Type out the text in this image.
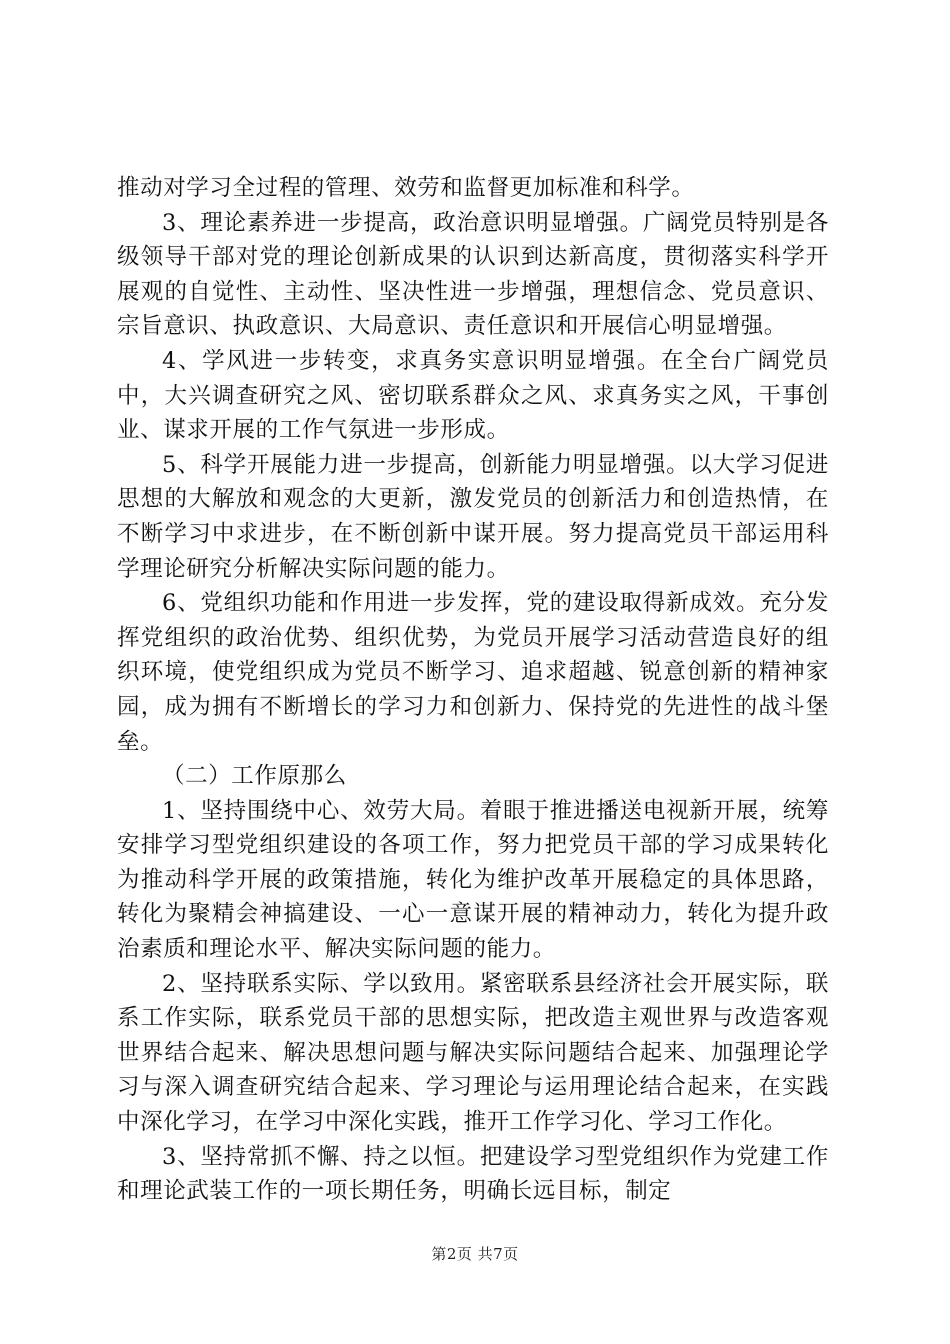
推动对学习全过程的管理、效劳和监督更加标准和科学。

3、理论素养进一步提高，政治意识明显增强。广阔党员特别是各级领导干部对党的理论创新成果的认识到达新高度，贯彻落实科学开展观的自觉性、主动性、坚决性进一步增强，理想信念、党员意识、宗旨意识、执政意识、大局意识、责任意识和开展信心明显增强。

4、学风进一步转变，求真务实意识明显增强。在全台广阔党员中，大兴调查研究之风、密切联系群众之风、求真务实之风，干事创业、谋求开展的工作气氛进一步形成。

5、科学开展能力进一步提高，创新能力明显增强。以大学习促进思想的大解放和观念的大更新，激发党员的创新活力和创造热情，在不断学习中求进步，在不断创新中谋开展。努力提高党员干部运用科学理论研究分析解决实际问题的能力。

6、党组织功能和作用进一步发挥，党的建设取得新成效。充分发挥党组织的政治优势、组织优势，为党员开展学习活动营造良好的组织环境，使党组织成为党员不断学习、追求超越、锐意创新的精神家园，成为拥有不断增长的学习力和创新力、保持党的先进性的战斗堡垒。

（二）工作原那么

1、坚持围绕中心、效劳大局。着眼于推进播送电视新开展，统筹安排学习型党组织建设的各项工作，努力把党员干部的学习成果转化为推动科学开展的政策措施，转化为维护改革开展稳定的具体思路，转化为聚精会神搞建设、一心一意谋开展的精神动力，转化为提升政治素质和理论水平、解决实际问题的能力。

2、坚持联系实际、学以致用。紧密联系县经济社会开展实际，联系工作实际，联系党员干部的思想实际，把改造主观世界与改造客观世界结合起来、解决思想问题与解决实际问题结合起来、加强理论学习与深入调查研究结合起来、学习理论与运用理论结合起来，在实践中深化学习，在学习中深化实践，推开工作学习化、学习工作化。

3、坚持常抓不懈、持之以恒。把建设学习型党组织作为党建工作和理论武装工作的一项长期任务，明确长远目标，制定

第2页 共7页
